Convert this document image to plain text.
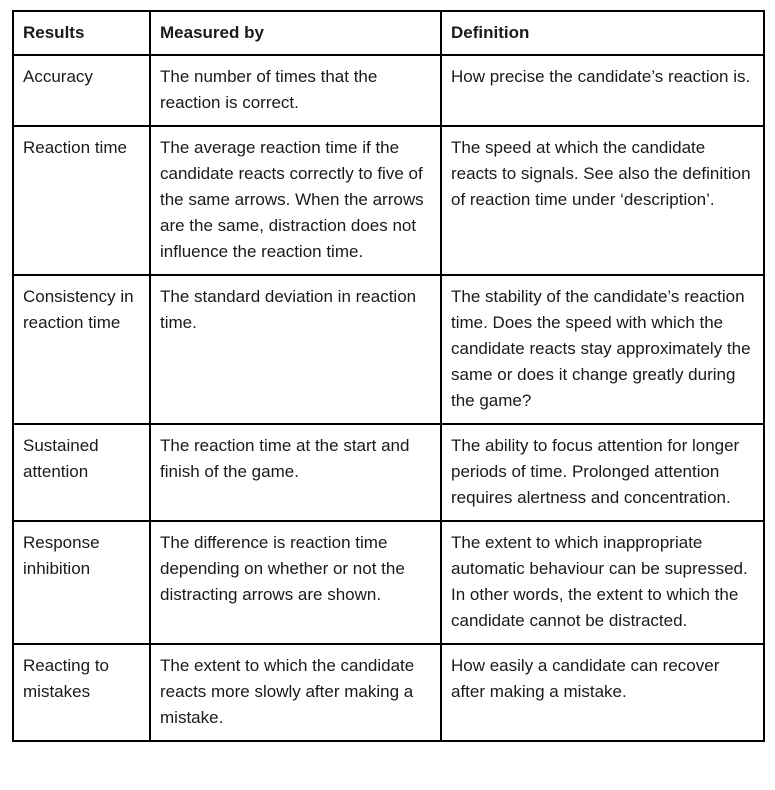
Results	Measured by	Definition
Accuracy	The number of times that the reaction is correct.	How precise the candidate’s reaction is.
Reaction time	The average reaction time if the candidate reacts correctly to five of the same arrows. When the arrows are the same, distraction does not influence the reaction time.	The speed at which the candidate reacts to signals. See also the definition of reaction time under ‘description’.
Consistency in reaction time	The standard deviation in reaction time.	The stability of the candidate’s reaction time. Does the speed with which the candidate reacts stay approximately the same or does it change greatly during the game?
Sustained attention	The reaction time at the start and finish of the game.	The ability to focus attention for longer periods of time. Prolonged attention requires alertness and concentration.
Response inhibition	The difference is reaction time depending on whether or not the distracting arrows are shown.	The extent to which inappropriate automatic behaviour can be supressed. In other words, the extent to which the candidate cannot be distracted.
Reacting to mistakes	The extent to which the candidate reacts more slowly after making a mistake.	How easily a candidate can recover after making a mistake.
